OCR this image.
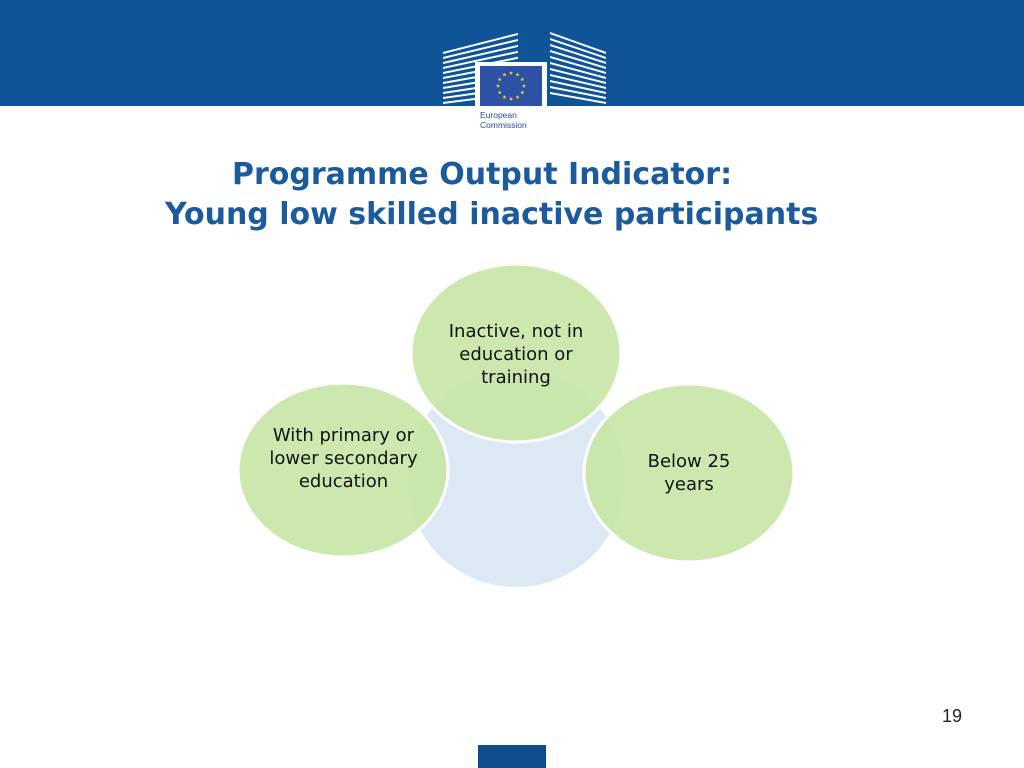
European
Commission
Programme Output Indicator:
Young low skilled inactive participants
Inactive, not in education or training
With primary or lower secondary education
Below 25 years
19
